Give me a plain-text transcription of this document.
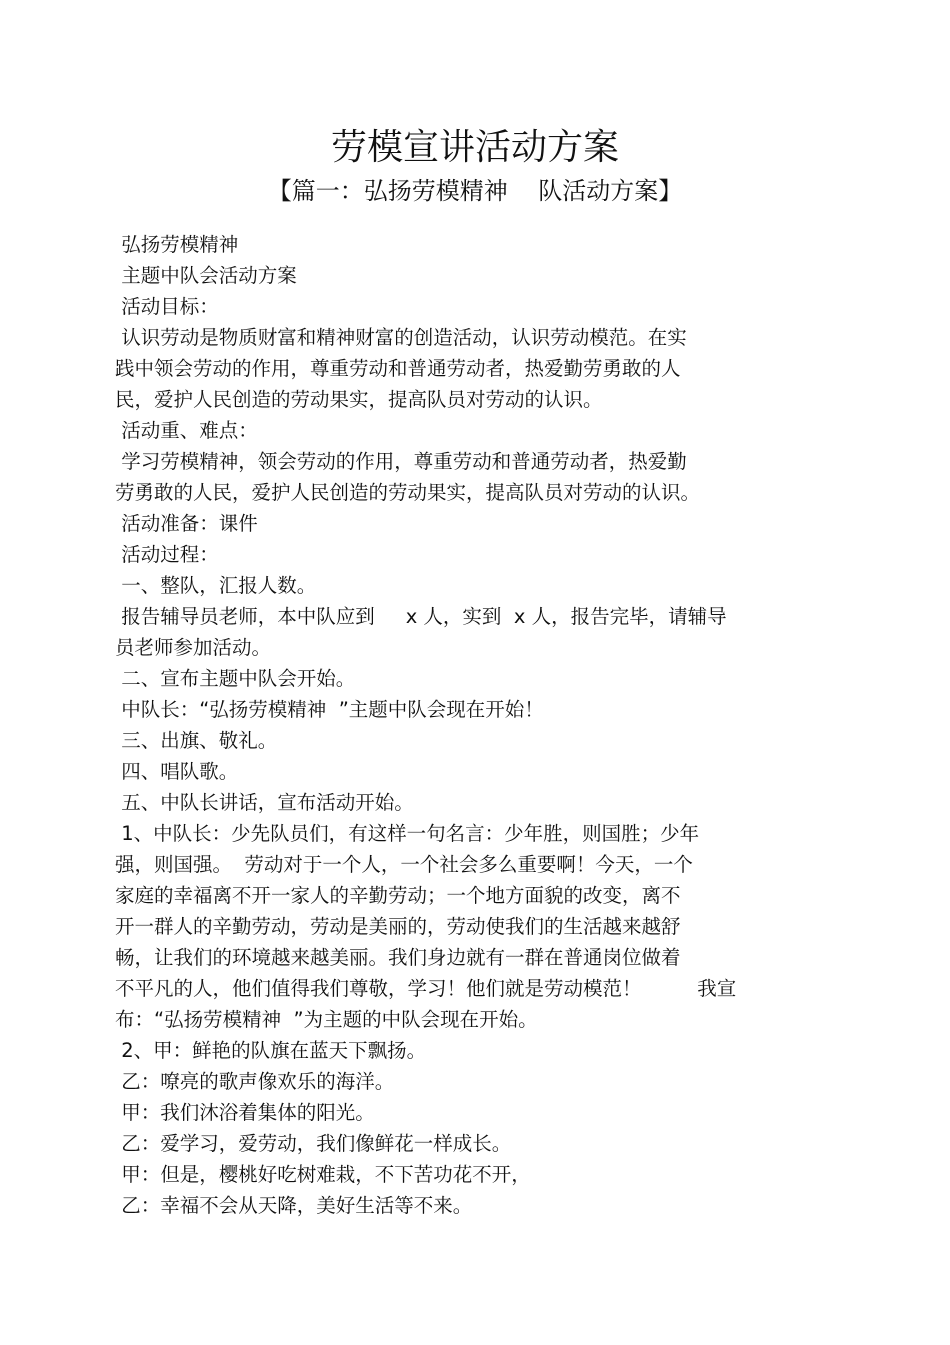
劳模宣讲活动方案
【篇一：弘扬劳模精神    队活动方案】
弘扬劳模精神
主题中队会活动方案
活动目标：
认识劳动是物质财富和精神财富的创造活动，认识劳动模范。在实
践中领会劳动的作用，尊重劳动和普通劳动者，热爱勤劳勇敢的人
民，爱护人民创造的劳动果实，提高队员对劳动的认识。
活动重、难点：
学习劳模精神，领会劳动的作用，尊重劳动和普通劳动者，热爱勤
劳勇敢的人民，爱护人民创造的劳动果实，提高队员对劳动的认识。
活动准备：课件
活动过程：
一、整队，汇报人数。
报告辅导员老师，本中队应到     x 人，实到  x 人，报告完毕，请辅导
员老师参加活动。
二、宣布主题中队会开始。
中队长：“弘扬劳模精神  ”主题中队会现在开始！
三、出旗、敬礼。
四、唱队歌。
五、中队长讲话，宣布活动开始。
1、中队长：少先队员们，有这样一句名言：少年胜，则国胜；少年
强，则国强。  劳动对于一个人，一个社会多么重要啊！今天，一个
家庭的幸福离不开一家人的辛勤劳动；一个地方面貌的改变，离不
开一群人的辛勤劳动，劳动是美丽的，劳动使我们的生活越来越舒
畅，让我们的环境越来越美丽。我们身边就有一群在普通岗位做着
不平凡的人，他们值得我们尊敬，学习！他们就是劳动模范！         我宣
布：“弘扬劳模精神  ”为主题的中队会现在开始。
2、甲：鲜艳的队旗在蓝天下飘扬。
乙：嘹亮的歌声像欢乐的海洋。
甲：我们沐浴着集体的阳光。
乙：爱学习，爱劳动，我们像鲜花一样成长。
甲：但是，樱桃好吃树难栽，不下苦功花不开，
乙：幸福不会从天降，美好生活等不来。
